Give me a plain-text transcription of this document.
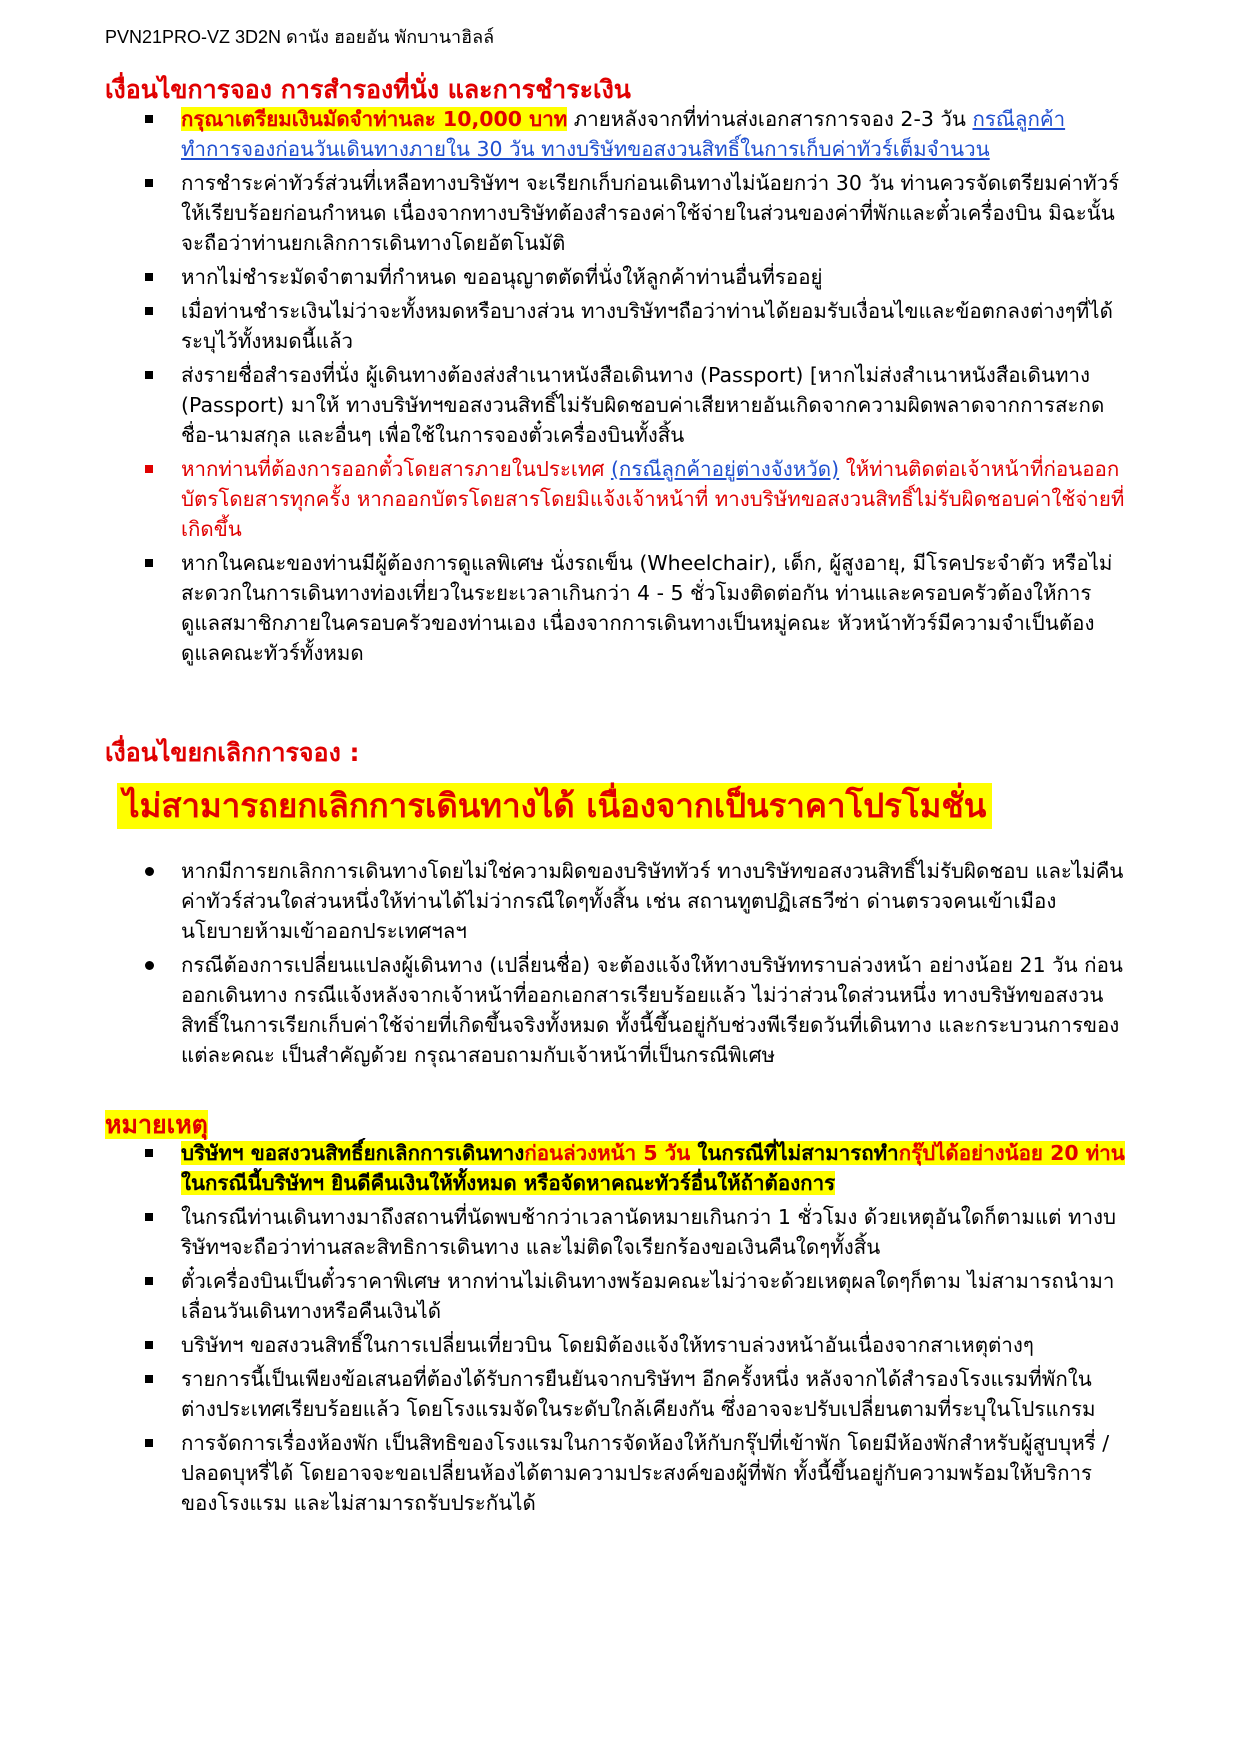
PVN21PRO-VZ 3D2N ดานัง ฮอยอัน พักบานาฮิลล์
เงื่อนไขการจอง การสำรองที่นั่ง และการชำระเงิน
กรุณาเตรียมเงินมัดจำท่านละ 10,000 บาท ภายหลังจากที่ท่านส่งเอกสารการจอง 2-3 วัน กรณีลูกค้าทำการจองก่อนวันเดินทางภายใน 30 วัน ทางบริษัทขอสงวนสิทธิ์ในการเก็บค่าทัวร์เต็มจำนวน
การชำระค่าทัวร์ส่วนที่เหลือทางบริษัทฯ จะเรียกเก็บก่อนเดินทางไม่น้อยกว่า 30 วัน ท่านควรจัดเตรียมค่าทัวร์ให้เรียบร้อยก่อนกำหนด เนื่องจากทางบริษัทต้องสำรองค่าใช้จ่ายในส่วนของค่าที่พักและตั๋วเครื่องบิน มิฉะนั้นจะถือว่าท่านยกเลิกการเดินทางโดยอัตโนมัติ
หากไม่ชำระมัดจำตามที่กำหนด ขออนุญาตตัดที่นั่งให้ลูกค้าท่านอื่นที่รออยู่
เมื่อท่านชำระเงินไม่ว่าจะทั้งหมดหรือบางส่วน ทางบริษัทฯถือว่าท่านได้ยอมรับเงื่อนไขและข้อตกลงต่างๆที่ได้ระบุไว้ทั้งหมดนี้แล้ว
ส่งรายชื่อสำรองที่นั่ง ผู้เดินทางต้องส่งสำเนาหนังสือเดินทาง (Passport) [หากไม่ส่งสำเนาหนังสือเดินทาง (Passport) มาให้ ทางบริษัทฯขอสงวนสิทธิ์ไม่รับผิดชอบค่าเสียหายอันเกิดจากความผิดพลาดจากการสะกดชื่อ-นามสกุล และอื่นๆ เพื่อใช้ในการจองตั๋วเครื่องบินทั้งสิ้น
หากท่านที่ต้องการออกตั๋วโดยสารภายในประเทศ (กรณีลูกค้าอยู่ต่างจังหวัด) ให้ท่านติดต่อเจ้าหน้าที่ก่อนออกบัตรโดยสารทุกครั้ง หากออกบัตรโดยสารโดยมิแจ้งเจ้าหน้าที่ ทางบริษัทขอสงวนสิทธิ์ไม่รับผิดชอบค่าใช้จ่ายที่เกิดขึ้น
หากในคณะของท่านมีผู้ต้องการดูแลพิเศษ นั่งรถเข็น (Wheelchair), เด็ก, ผู้สูงอายุ, มีโรคประจำตัว หรือไม่สะดวกในการเดินทางท่องเที่ยวในระยะเวลาเกินกว่า 4 - 5 ชั่วโมงติดต่อกัน ท่านและครอบครัวต้องให้การดูแลสมาชิกภายในครอบครัวของท่านเอง เนื่องจากการเดินทางเป็นหมู่คณะ หัวหน้าทัวร์มีความจำเป็นต้องดูแลคณะทัวร์ทั้งหมด
เงื่อนไขยกเลิกการจอง :
ไม่สามารถยกเลิกการเดินทางได้ เนื่องจากเป็นราคาโปรโมชั่น
หากมีการยกเลิกการเดินทางโดยไม่ใช่ความผิดของบริษัททัวร์ ทางบริษัทขอสงวนสิทธิ์ไม่รับผิดชอบ และไม่คืนค่าทัวร์ส่วนใดส่วนหนึ่งให้ท่านได้ไม่ว่ากรณีใดๆทั้งสิ้น เช่น สถานทูตปฏิเสธวีซ่า ด่านตรวจคนเข้าเมือง นโยบายห้ามเข้าออกประเทศฯลฯ
กรณีต้องการเปลี่ยนแปลงผู้เดินทาง (เปลี่ยนชื่อ) จะต้องแจ้งให้ทางบริษัททราบล่วงหน้า อย่างน้อย 21 วัน ก่อนออกเดินทาง กรณีแจ้งหลังจากเจ้าหน้าที่ออกเอกสารเรียบร้อยแล้ว ไม่ว่าส่วนใดส่วนหนึ่ง ทางบริษัทขอสงวนสิทธิ์ในการเรียกเก็บค่าใช้จ่ายที่เกิดขึ้นจริงทั้งหมด ทั้งนี้ขึ้นอยู่กับช่วงพีเรียดวันที่เดินทาง และกระบวนการของแต่ละคณะ เป็นสำคัญด้วย กรุณาสอบถามกับเจ้าหน้าที่เป็นกรณีพิเศษ
หมายเหตุ
บริษัทฯ ขอสงวนสิทธิ์ยกเลิกการเดินทางก่อนล่วงหน้า 5 วัน ในกรณีที่ไม่สามารถทำกรุ๊ปได้อย่างน้อย 20 ท่าน ในกรณีนี้บริษัทฯ ยินดีคืนเงินให้ทั้งหมด หรือจัดหาคณะทัวร์อื่นให้ถ้าต้องการ
ในกรณีท่านเดินทางมาถึงสถานที่นัดพบช้ากว่าเวลานัดหมายเกินกว่า 1 ชั่วโมง ด้วยเหตุอันใดก็ตามแต่ ทางบริษัทฯจะถือว่าท่านสละสิทธิการเดินทาง และไม่ติดใจเรียกร้องขอเงินคืนใดๆทั้งสิ้น
ตั๋วเครื่องบินเป็นตั๋วราคาพิเศษ หากท่านไม่เดินทางพร้อมคณะไม่ว่าจะด้วยเหตุผลใดๆก็ตาม ไม่สามารถนำมาเลื่อนวันเดินทางหรือคืนเงินได้
บริษัทฯ ขอสงวนสิทธิ์ในการเปลี่ยนเที่ยวบิน โดยมิต้องแจ้งให้ทราบล่วงหน้าอันเนื่องจากสาเหตุต่างๆ
รายการนี้เป็นเพียงข้อเสนอที่ต้องได้รับการยืนยันจากบริษัทฯ อีกครั้งหนึ่ง หลังจากได้สำรองโรงแรมที่พักในต่างประเทศเรียบร้อยแล้ว โดยโรงแรมจัดในระดับใกล้เคียงกัน ซึ่งอาจจะปรับเปลี่ยนตามที่ระบุในโปรแกรม
การจัดการเรื่องห้องพัก เป็นสิทธิของโรงแรมในการจัดห้องให้กับกรุ๊ปที่เข้าพัก โดยมีห้องพักสำหรับผู้สูบบุหรี่ / ปลอดบุหรี่ได้ โดยอาจจะขอเปลี่ยนห้องได้ตามความประสงค์ของผู้ที่พัก ทั้งนี้ขึ้นอยู่กับความพร้อมให้บริการของโรงแรม และไม่สามารถรับประกันได้
